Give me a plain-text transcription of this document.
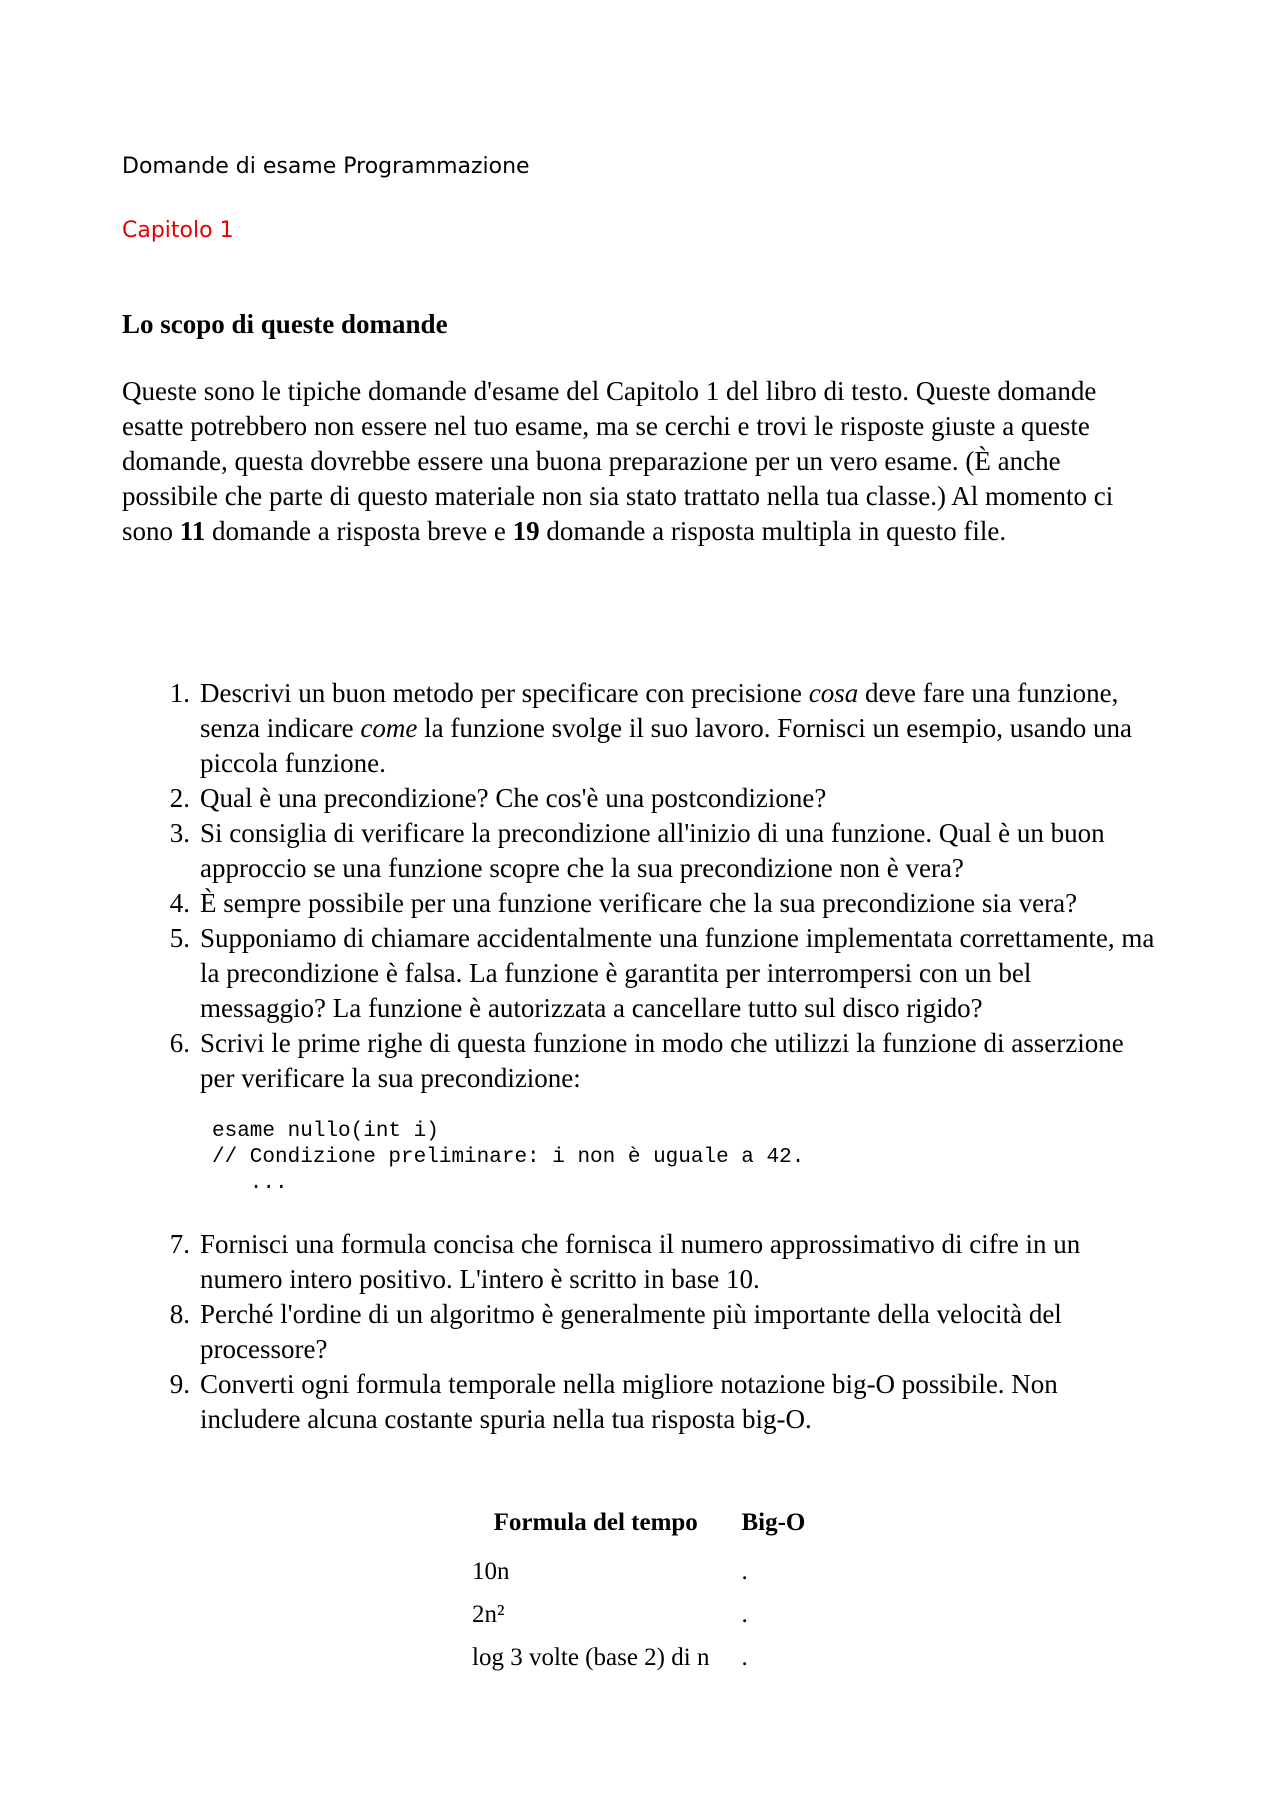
Domande di esame Programmazione
Capitolo 1
Lo scopo di queste domande
Queste sono le tipiche domande d'esame del Capitolo 1 del libro di testo. Queste domande esatte potrebbero non essere nel tuo esame, ma se cerchi e trovi le risposte giuste a queste domande, questa dovrebbe essere una buona preparazione per un vero esame. (È anche possibile che parte di questo materiale non sia stato trattato nella tua classe.) Al momento ci sono 11 domande a risposta breve e 19 domande a risposta multipla in questo file.
1. Descrivi un buon metodo per specificare con precisione cosa deve fare una funzione, senza indicare come la funzione svolge il suo lavoro. Fornisci un esempio, usando una piccola funzione.
2. Qual è una precondizione? Che cos'è una postcondizione?
3. Si consiglia di verificare la precondizione all'inizio di una funzione. Qual è un buon approccio se una funzione scopre che la sua precondizione non è vera?
4. È sempre possibile per una funzione verificare che la sua precondizione sia vera?
5. Supponiamo di chiamare accidentalmente una funzione implementata correttamente, ma la precondizione è falsa. La funzione è garantita per interrompersi con un bel messaggio? La funzione è autorizzata a cancellare tutto sul disco rigido?
6. Scrivi le prime righe di questa funzione in modo che utilizzi la funzione di asserzione per verificare la sua precondizione:
esame nullo(int i)
// Condizione preliminare: i non è uguale a 42.
...
7. Fornisci una formula concisa che fornisca il numero approssimativo di cifre in un numero intero positivo. L'intero è scritto in base 10.
8. Perché l'ordine di un algoritmo è generalmente più importante della velocità del processore?
9. Converti ogni formula temporale nella migliore notazione big-O possibile. Non includere alcuna costante spuria nella tua risposta big-O.
Formula del tempo	Big-O
10n	.
2n²	.
log 3 volte (base 2) di n	.
